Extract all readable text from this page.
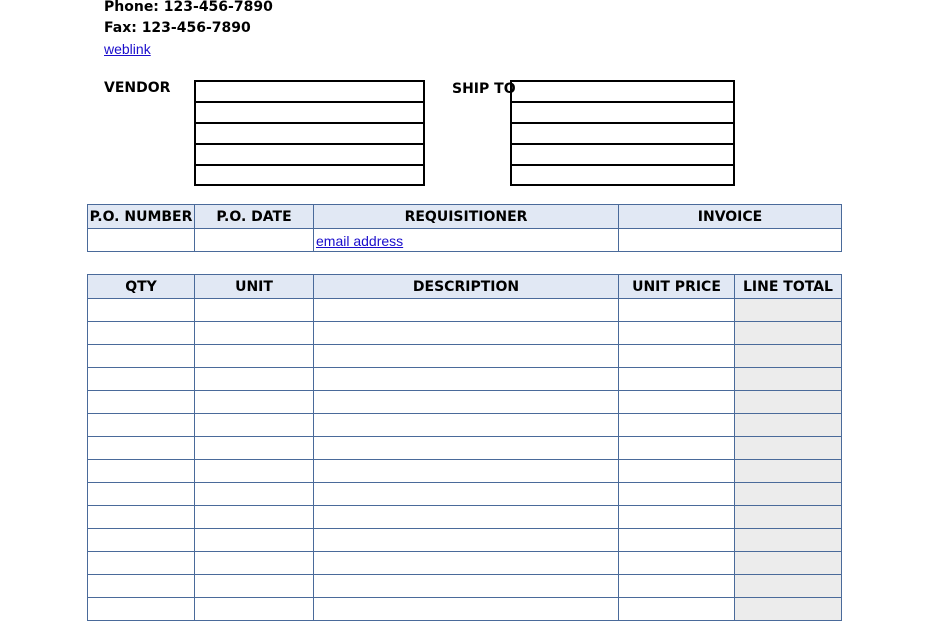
Phone: 123-456-7890
Fax: 123-456-7890
weblink
VENDOR	SHIP TO
P.O. NUMBER	P.O. DATE	REQUISITIONER	INVOICE
		email address	
QTY	UNIT	DESCRIPTION	UNIT PRICE	LINE TOTAL
